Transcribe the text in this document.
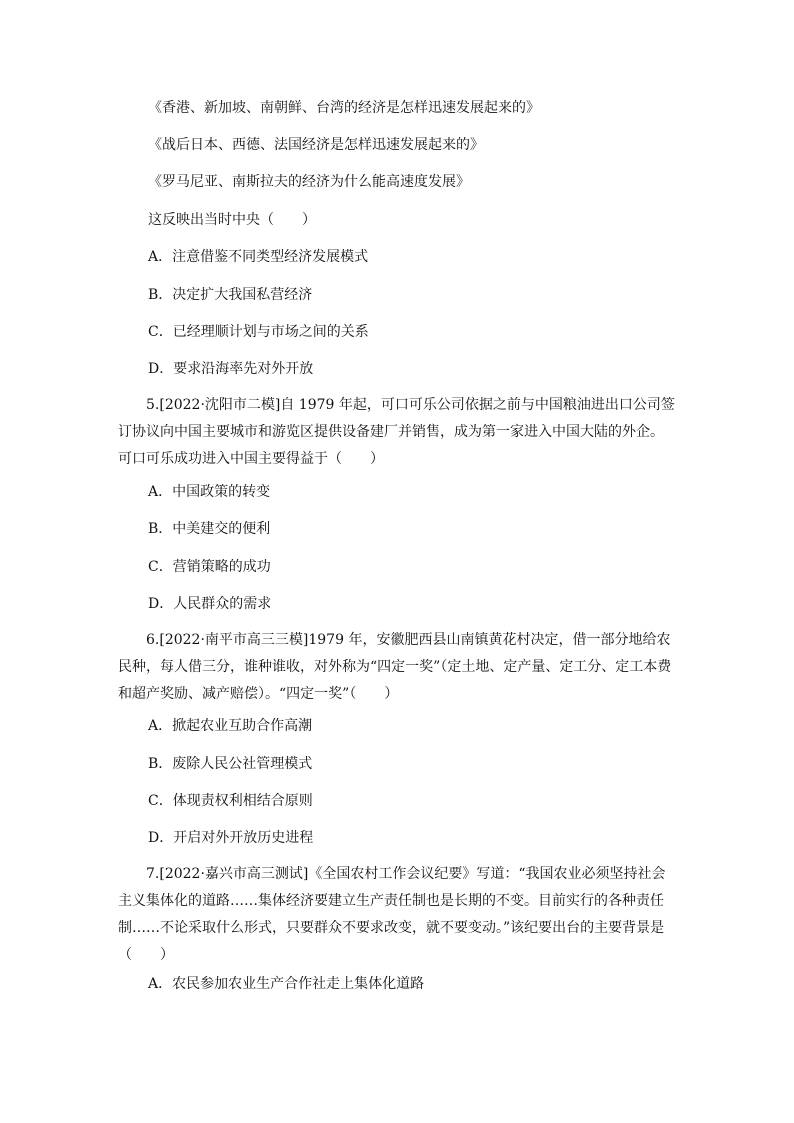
《香港、新加坡、南朝鲜、台湾的经济是怎样迅速发展起来的》
《战后日本、西德、法国经济是怎样迅速发展起来的》
《罗马尼亚、南斯拉夫的经济为什么能高速度发展》
这反映出当时中央（　　）
A．注意借鉴不同类型经济发展模式
B．决定扩大我国私营经济
C．已经理顺计划与市场之间的关系
D．要求沿海率先对外开放
5.[2022·沈阳市二模]自 1979 年起，可口可乐公司依据之前与中国粮油进出口公司签订协议向中国主要城市和游览区提供设备建厂并销售，成为第一家进入中国大陆的外企。可口可乐成功进入中国主要得益于（　　）
A．中国政策的转变
B．中美建交的便利
C．营销策略的成功
D．人民群众的需求
6.[2022·南平市高三三模]1979 年，安徽肥西县山南镇黄花村决定，借一部分地给农民种，每人借三分，谁种谁收，对外称为“四定一奖”（定土地、定产量、定工分、定工本费和超产奖励、减产赔偿）。“四定一奖”（　　）
A．掀起农业互助合作高潮
B．废除人民公社管理模式
C．体现责权利相结合原则
D．开启对外开放历史进程
7.[2022·嘉兴市高三测试]《全国农村工作会议纪要》写道：“我国农业必须坚持社会主义集体化的道路……集体经济要建立生产责任制也是长期的不变。目前实行的各种责任制……不论采取什么形式，只要群众不要求改变，就不要变动。”该纪要出台的主要背景是（　　）
A．农民参加农业生产合作社走上集体化道路
